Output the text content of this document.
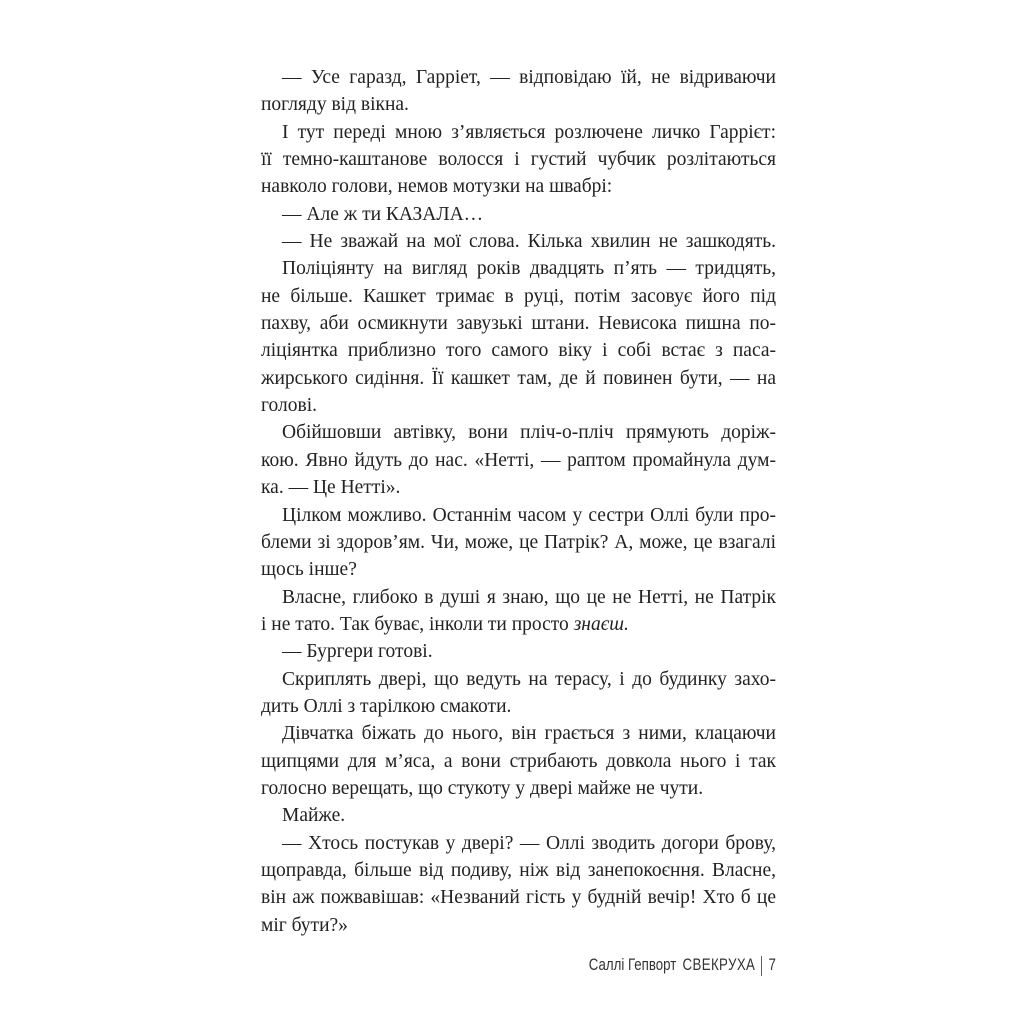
— Усе гаразд, Гарріет, — відповідаю їй, не відриваючи
погляду від вікна.
І тут переді мною з’являється розлючене личко Гаррієт:
її темно-каштанове волосся і густий чубчик розлітаються
навколо голови, немов мотузки на швабрі:
— Але ж ти КАЗАЛА…
— Не зважай на мої слова. Кілька хвилин не зашкодять.
Поліціянту на вигляд років двадцять п’ять — тридцять,
не більше. Кашкет тримає в руці, потім засовує його під
пахву, аби осмикнути завузькі штани. Невисока пишна по-
ліціянтка приблизно того самого віку і собі встає з паса-
жирського сидіння. Її кашкет там, де й повинен бути, — на
голові.
Обійшовши автівку, вони пліч-о-пліч прямують доріж-
кою. Явно йдуть до нас. «Нетті, — раптом промайнула дум-
ка. — Це Нетті».
Цілком можливо. Останнім часом у сестри Оллі були про-
блеми зі здоров’ям. Чи, може, це Патрік? А, може, це взагалі
щось інше?
Власне, глибоко в душі я знаю, що це не Нетті, не Патрік
і не тато. Так буває, інколи ти просто знаєш.
— Бургери готові.
Скриплять двері, що ведуть на терасу, і до будинку захо-
дить Оллі з тарілкою смакоти.
Дівчатка біжать до нього, він грається з ними, клацаючи
щипцями для м’яса, а вони стрибають довкола нього і так
голосно верещать, що стукоту у двері майже не чути.
Майже.
— Хтось постукав у двері? — Оллі зводить догори брову,
щоправда, більше від подиву, ніж від занепокоєння. Власне,
він аж пожвавішав: «Незваний гість у будній вечір! Хто б це
міг бути?»
Саллі Гепворт СВЕКРУХА 7
